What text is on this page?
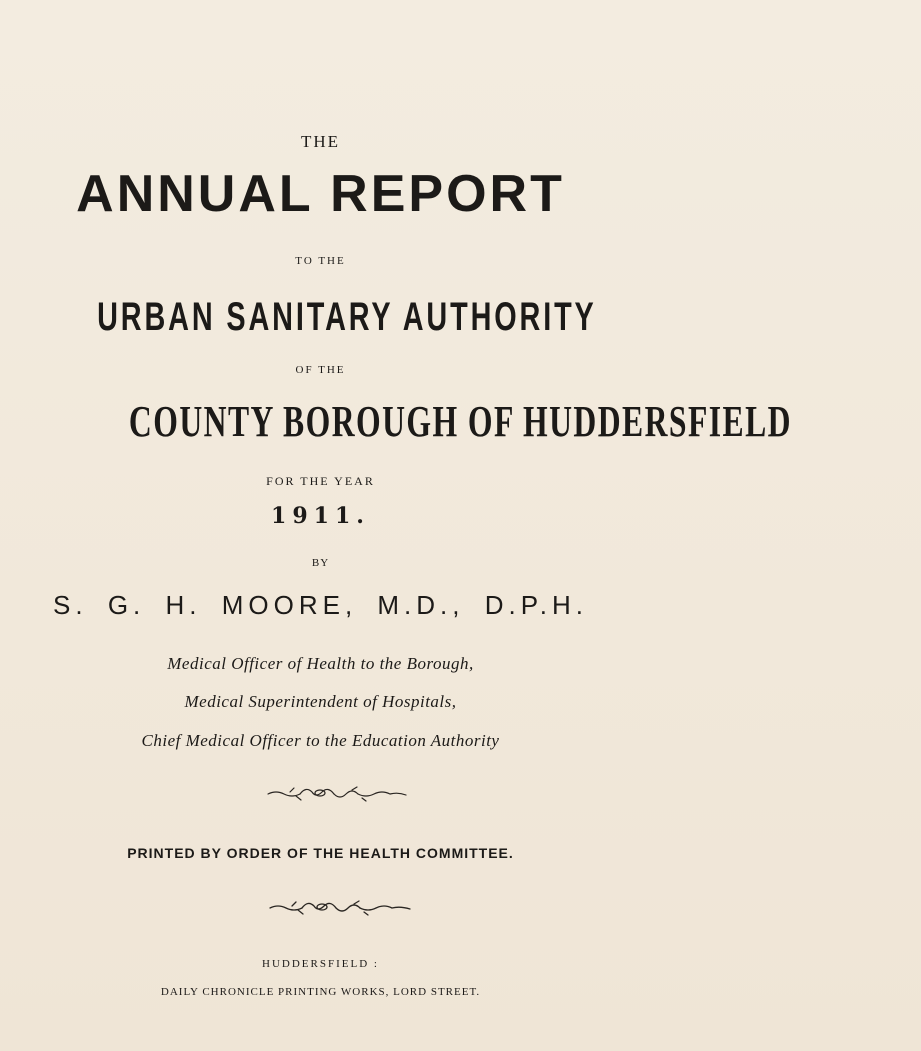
THE
ANNUAL REPORT
TO THE
URBAN SANITARY AUTHORITY
OF THE
COUNTY BOROUGH OF HUDDERSFIELD
FOR THE YEAR
1911.
BY
S. G. H. MOORE, M.D., D.P.H.
Medical Officer of Health to the Borough,
Medical Superintendent of Hospitals,
Chief Medical Officer to the Education Authority
PRINTED BY ORDER OF THE HEALTH COMMITTEE.
HUDDERSFIELD :
DAILY CHRONICLE PRINTING WORKS, LORD STREET.
